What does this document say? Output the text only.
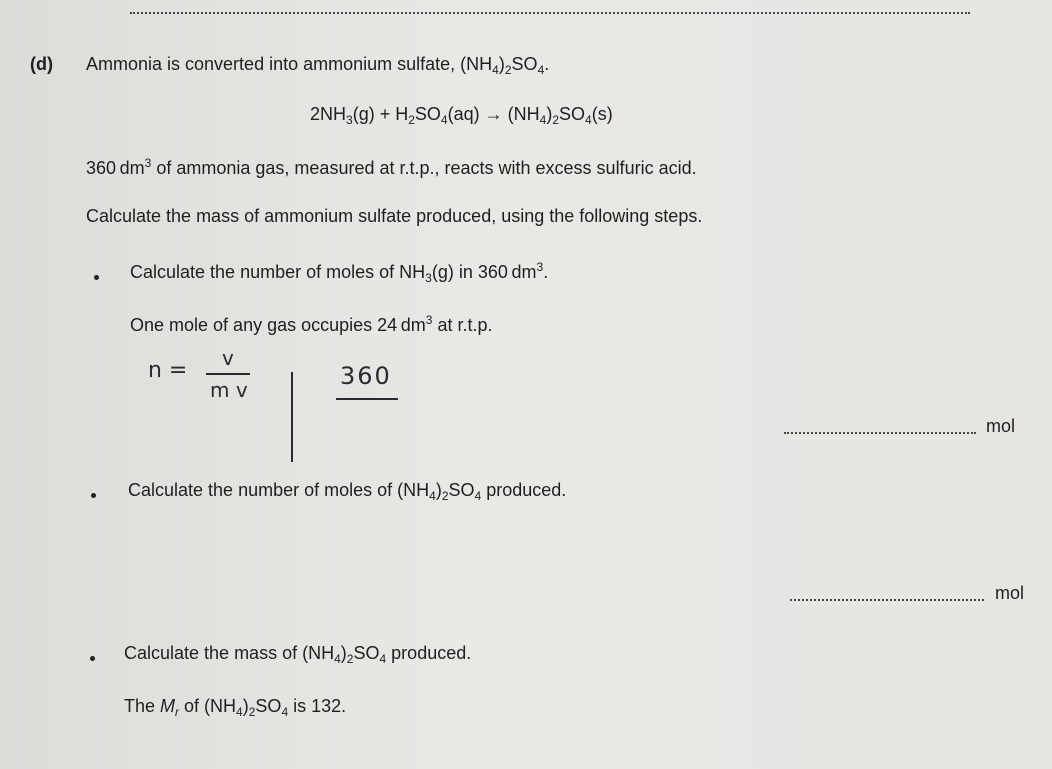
(d) Ammonia is converted into ammonium sulfate, $(NH_4)_2SO_4$.
$2NH_3(g) + H_2SO_4(aq) \to (NH_4)_2SO_4(s)$
360  $dm^3$ of ammonia gas, measured at r.t.p., reacts with excess sulfuric acid.
Calculate the mass of ammonium sulfate produced, using the following steps.
Calculate the number of moles of $NH_3(g)$ in 360  $dm^3$.
One mole of any gas occupies 24  $dm^3$ at r.t.p.
n = v
m v	360
mol
Calculate the number of moles of $(NH_4)_2SO_4$ produced.
mol
Calculate the mass of $(NH_4)_2SO_4$ produced.
The $M_r$ of $(NH_4)_2SO_4$ is 132.
